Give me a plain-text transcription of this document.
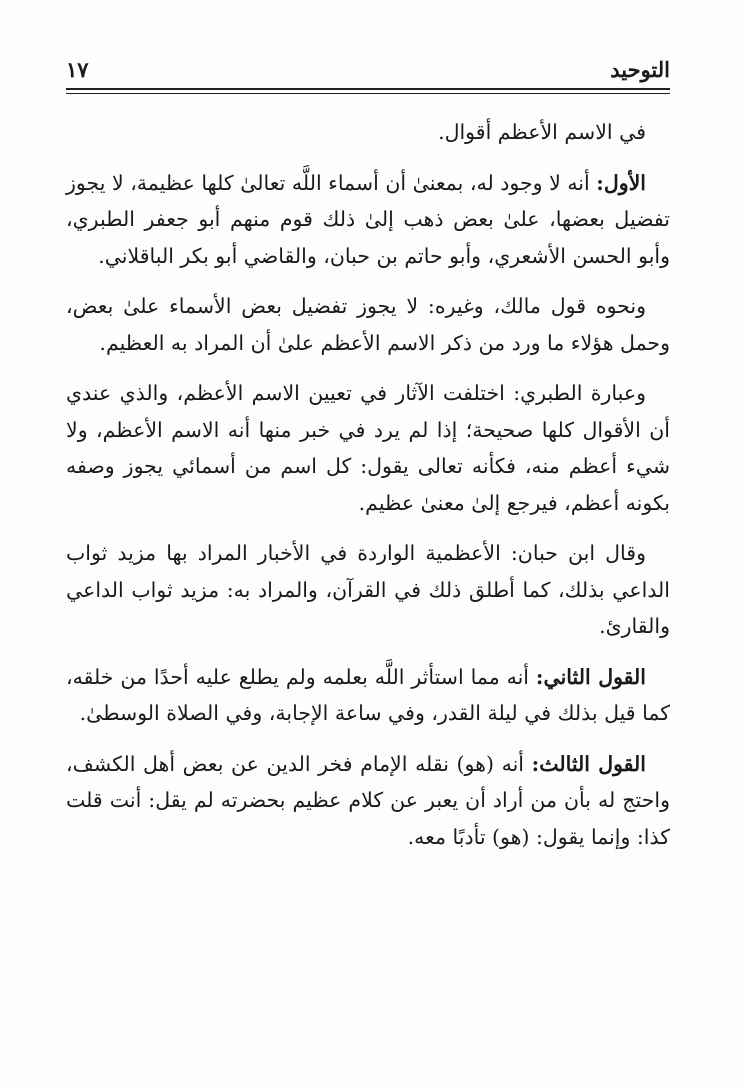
١٧	التوحيد

في الاسم الأعظم أقوال.

الأول: أنه لا وجود له، بمعنىٰ أن أسماء اللَّه تعالىٰ كلها عظيمة، لا يجوز تفضيل بعضها، علىٰ بعض ذهب إلىٰ ذلك قوم منهم أبو جعفر الطبري، وأبو الحسن الأشعري، وأبو حاتم بن حبان، والقاضي أبو بكر الباقلاني.

ونحوه قول مالك، وغيره: لا يجوز تفضيل بعض الأسماء علىٰ بعض، وحمل هؤلاء ما ورد من ذكر الاسم الأعظم علىٰ أن المراد به العظيم.

وعبارة الطبري: اختلفت الآثار في تعيين الاسم الأعظم، والذي عندي أن الأقوال كلها صحيحة؛ إذا لم يرد في خبر منها أنه الاسم الأعظم، ولا شيء أعظم منه، فكأنه تعالى يقول: كل اسم من أسمائي يجوز وصفه بكونه أعظم، فيرجع إلىٰ معنىٰ عظيم.

وقال ابن حبان: الأعظمية الواردة في الأخبار المراد بها مزيد ثواب الداعي بذلك، كما أطلق ذلك في القرآن، والمراد به: مزيد ثواب الداعي والقارئ.

القول الثاني: أنه مما استأثر اللَّه بعلمه ولم يطلع عليه أحدًا من خلقه، كما قيل بذلك في ليلة القدر، وفي ساعة الإجابة، وفي الصلاة الوسطىٰ.

القول الثالث: أنه (هو) نقله الإمام فخر الدين عن بعض أهل الكشف، واحتج له بأن من أراد أن يعبر عن كلام عظيم بحضرته لم يقل: أنت قلت كذا: وإنما يقول: (هو) تأدبًا معه.
